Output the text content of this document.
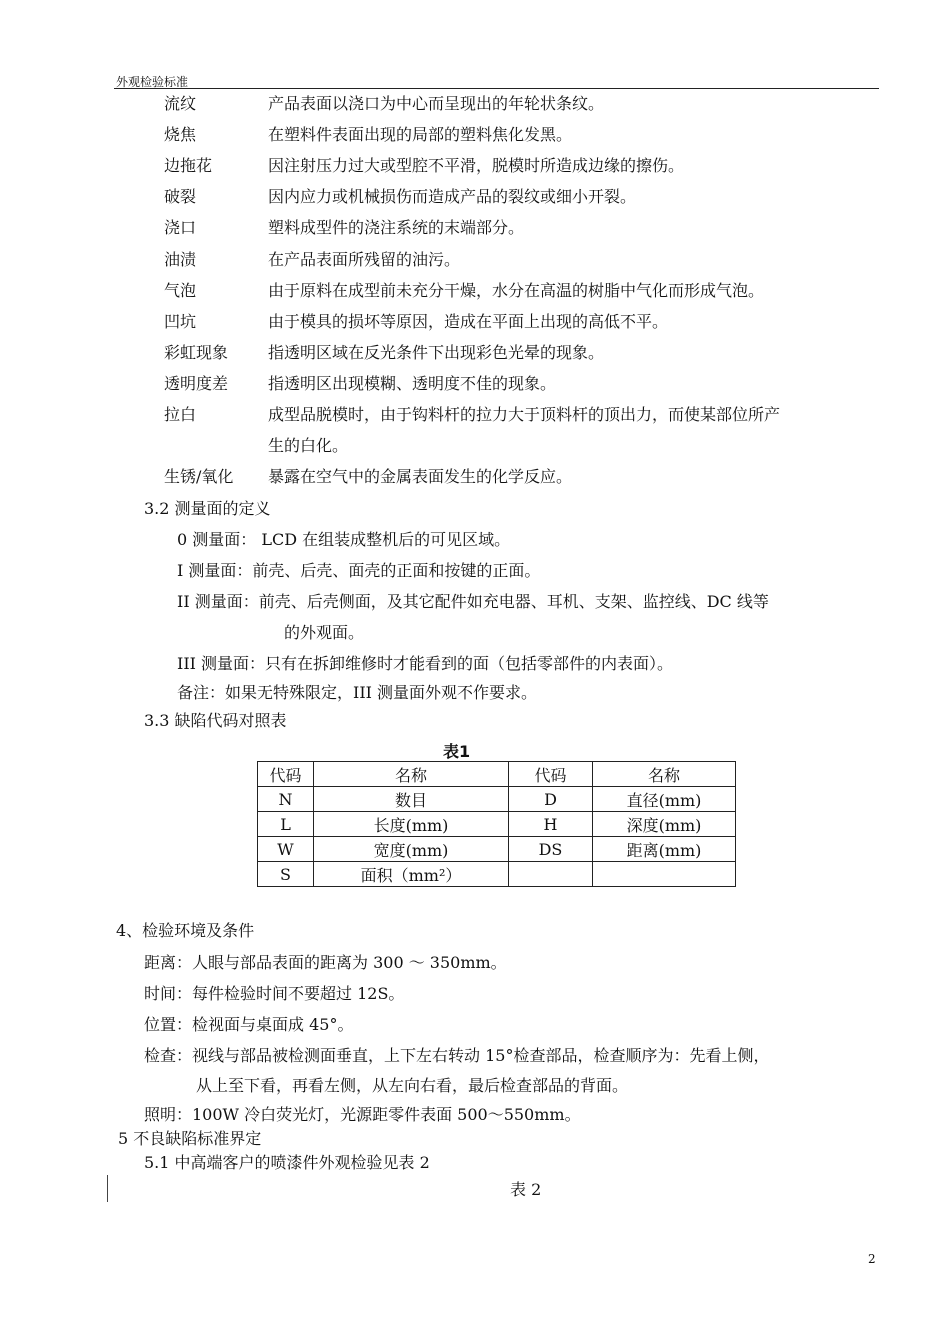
外观检验标准
流纹	产品表面以浇口为中心而呈现出的年轮状条纹。
烧焦	在塑料件表面出现的局部的塑料焦化发黑。
边拖花	因注射压力过大或型腔不平滑，脱模时所造成边缘的擦伤。
破裂	因内应力或机械损伤而造成产品的裂纹或细小开裂。
浇口	塑料成型件的浇注系统的末端部分。
油渍	在产品表面所残留的油污。
气泡	由于原料在成型前未充分干燥，水分在高温的树脂中气化而形成气泡。
凹坑	由于模具的损坏等原因，造成在平面上出现的高低不平。
彩虹现象 指透明区域在反光条件下出现彩色光晕的现象。
透明度差 指透明区出现模糊、透明度不佳的现象。
拉白	成型品脱模时，由于钩料杆的拉力大于顶料杆的顶出力，而使某部位所产
生的白化。
生锈/氧化 暴露在空气中的金属表面发生的化学反应。
3.2 测量面的定义
0 测量面： LCD 在组装成整机后的可见区域。
I 测量面：前壳、后壳、面壳的正面和按键的正面。
II 测量面：前壳、后壳侧面，及其它配件如充电器、耳机、支架、监控线、DC 线等
的外观面。
III 测量面：只有在拆卸维修时才能看到的面（包括零部件的内表面）。
备注：如果无特殊限定，III 测量面外观不作要求。
3.3 缺陷代码对照表
表1
代码	名称	代码	名称
N	数目	D	直径(mm)
L	长度(mm)	H	深度(mm)
W	宽度(mm)	DS	距离(mm)
S	面积（mm²）		
4、检验环境及条件
距离：人眼与部品表面的距离为 300 ～ 350mm。
时间：每件检验时间不要超过 12S。
位置：检视面与桌面成 45°。
检查：视线与部品被检测面垂直，上下左右转动 15°检查部品，检查顺序为：先看上侧，
从上至下看，再看左侧，从左向右看，最后检查部品的背面。
照明：100W 冷白荧光灯，光源距零件表面 500～550mm。
5 不良缺陷标准界定
5.1 中高端客户的喷漆件外观检验见表 2
表 2
2
